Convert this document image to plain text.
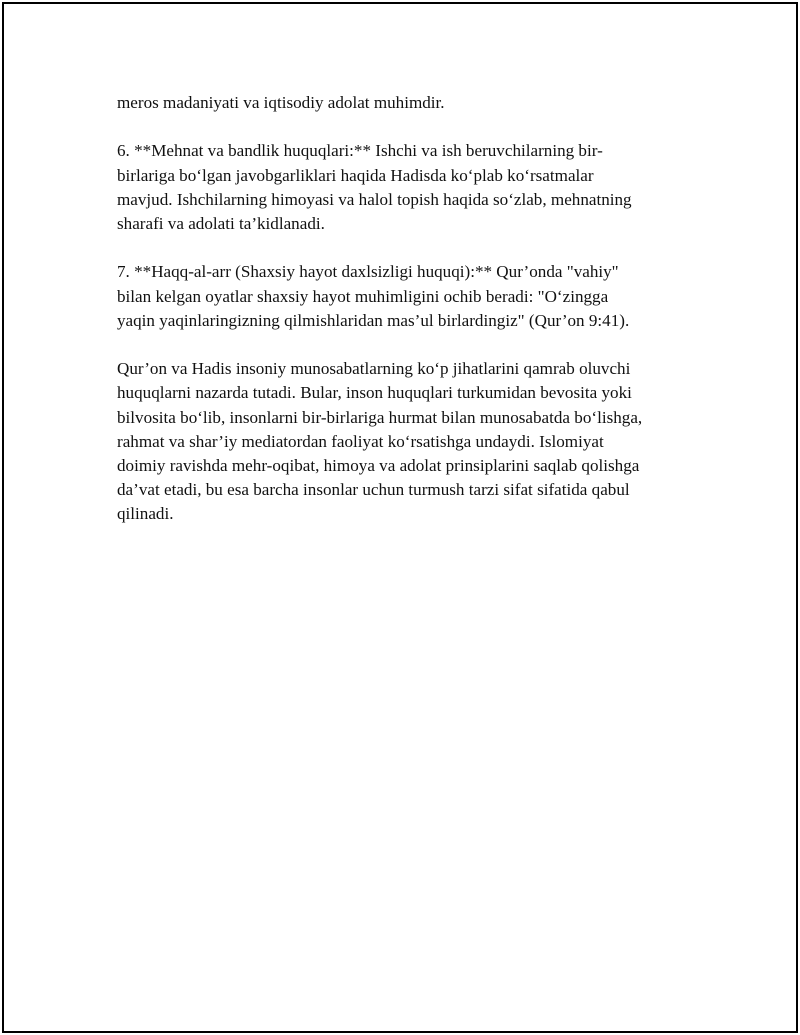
meros madaniyati va iqtisodiy adolat muhimdir.

6. **Mehnat va bandlik huquqlari:** Ishchi va ish beruvchilarning bir-
birlariga bo‘lgan javobgarliklari haqida Hadisda ko‘plab ko‘rsatmalar
mavjud. Ishchilarning himoyasi va halol topish haqida so‘zlab, mehnatning
sharafi va adolati ta’kidlanadi.

7. **Haqq-al-arr (Shaxsiy hayot daxlsizligi huquqi):** Qur’onda "vahiy"
bilan kelgan oyatlar shaxsiy hayot muhimligini ochib beradi: "O‘zingga
yaqin yaqinlaringizning qilmishlaridan mas’ul birlardingiz" (Qur’on 9:41).

Qur’on va Hadis insoniy munosabatlarning ko‘p jihatlarini qamrab oluvchi
huquqlarni nazarda tutadi. Bular, inson huquqlari turkumidan bevosita yoki
bilvosita bo‘lib, insonlarni bir-birlariga hurmat bilan munosabatda bo‘lishga,
rahmat va shar’iy mediatordan faoliyat ko‘rsatishga undaydi. Islomiyat
doimiy ravishda mehr-oqibat, himoya va adolat prinsiplarini saqlab qolishga
da’vat etadi, bu esa barcha insonlar uchun turmush tarzi sifat sifatida qabul
qilinadi.
